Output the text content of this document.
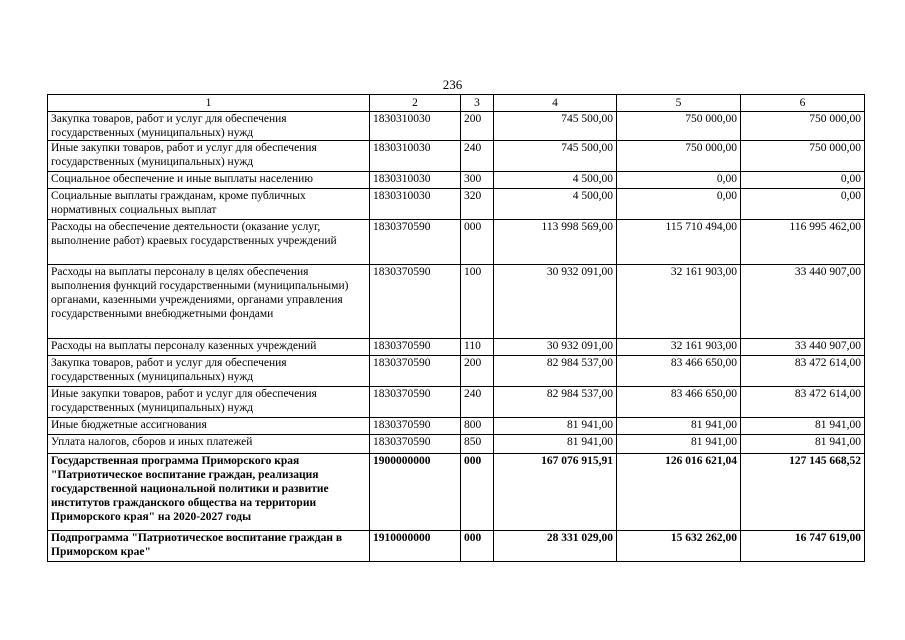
236
1	2	3	4	5	6
Закупка товаров, работ и услуг для обеспечения государственных (муниципальных) нужд	1830310030	200	745 500,00	750 000,00	750 000,00
Иные закупки товаров, работ и услуг для обеспечения государственных (муниципальных) нужд	1830310030	240	745 500,00	750 000,00	750 000,00
Социальное обеспечение и иные выплаты населению	1830310030	300	4 500,00	0,00	0,00
Социальные выплаты гражданам, кроме публичных нормативных социальных выплат	1830310030	320	4 500,00	0,00	0,00
Расходы на обеспечение деятельности (оказание услуг, выполнение работ) краевых государственных учреждений	1830370590	000	113 998 569,00	115 710 494,00	116 995 462,00
Расходы на выплаты персоналу в целях обеспечения выполнения функций государственными (муниципальными) органами, казенными учреждениями, органами управления государственными внебюджетными фондами	1830370590	100	30 932 091,00	32 161 903,00	33 440 907,00
Расходы на выплаты персоналу казенных учреждений	1830370590	110	30 932 091,00	32 161 903,00	33 440 907,00
Закупка товаров, работ и услуг для обеспечения государственных (муниципальных) нужд	1830370590	200	82 984 537,00	83 466 650,00	83 472 614,00
Иные закупки товаров, работ и услуг для обеспечения государственных (муниципальных) нужд	1830370590	240	82 984 537,00	83 466 650,00	83 472 614,00
Иные бюджетные ассигнования	1830370590	800	81 941,00	81 941,00	81 941,00
Уплата налогов, сборов и иных платежей	1830370590	850	81 941,00	81 941,00	81 941,00
Государственная программа Приморского края "Патриотическое воспитание граждан, реализация государственной национальной политики и развитие институтов гражданского общества на территории Приморского края" на 2020-2027 годы	1900000000	000	167 076 915,91	126 016 621,04	127 145 668,52
Подпрограмма "Патриотическое воспитание граждан в Приморском крае"	1910000000	000	28 331 029,00	15 632 262,00	16 747 619,00
